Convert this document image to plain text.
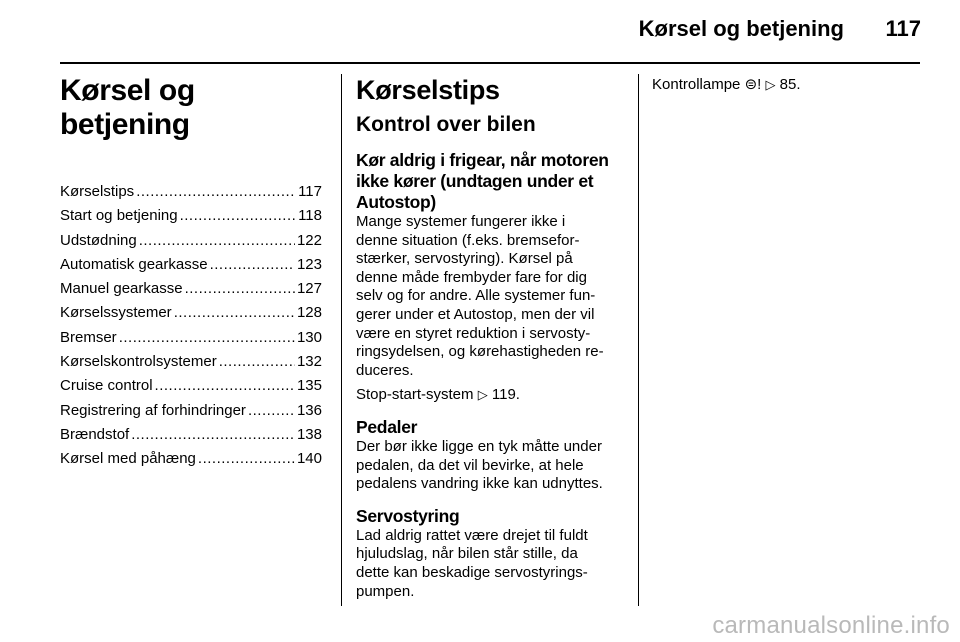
Kørsel og betjening	117
Kørsel og betjening
Kørselstips .....	117
Start og betjening .....	118
Udstødning .....	122
Automatisk gearkasse .....	123
Manuel gearkasse .....	127
Kørselssystemer .....	128
Bremser .....	130
Kørselskontrolsystemer .....	132
Cruise control .....	135
Registrering af forhindringer .....	136
Brændstof .....	138
Kørsel med påhæng .....	140
Kørselstips
Kontrol over bilen
Kør aldrig i frigear, når motoren ikke kører (undtagen under et Autostop)
Mange systemer fungerer ikke i
denne situation (f.eks. bremsefor-
stærker, servostyring). Kørsel på
denne måde frembyder fare for dig
selv og for andre. Alle systemer fun-
gerer under et Autostop, men der vil
være en styret reduktion i servosty-
ringsydelsen, og kørehastigheden re-
duceres.

Stop-start-system ▷ 119.

Pedaler
Der bør ikke ligge en tyk måtte under
pedalen, da det vil bevirke, at hele
pedalens vandring ikke kan udnyttes.
Servostyring
Lad aldrig rattet være drejet til fuldt
hjuludslag, når bilen står stille, da
dette kan beskadige servostyrings-
pumpen.

Kontrollampe ⊜! ▷ 85.

carmanualsonline.info
